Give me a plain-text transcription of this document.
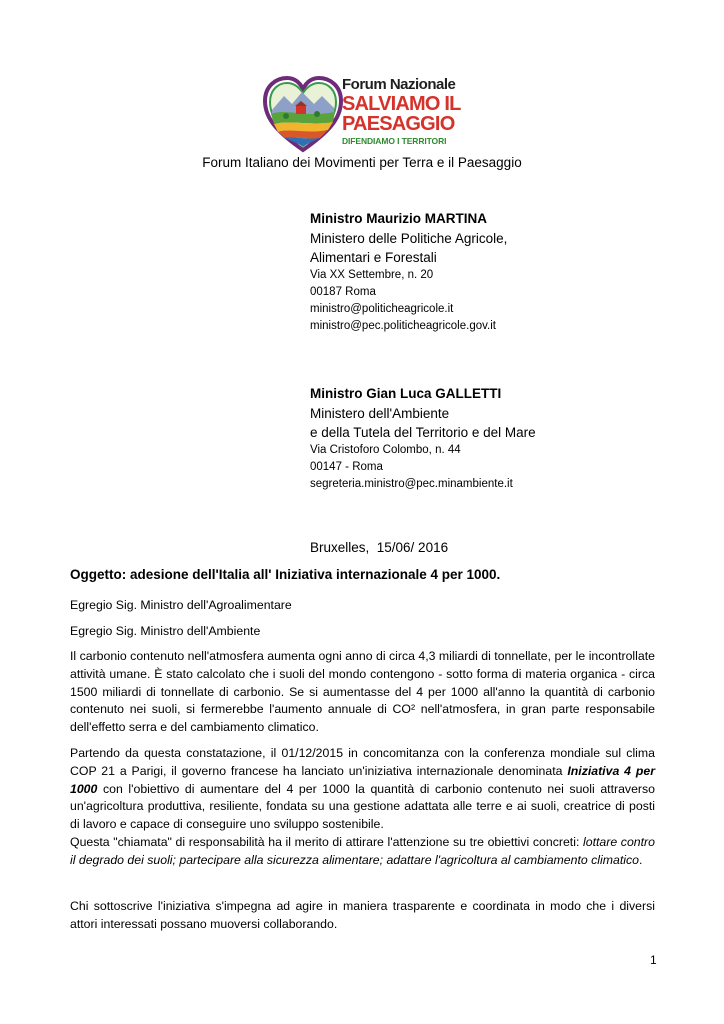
Forum Nazionale
SALVIAMO IL
PAESAGGIO
DIFENDIAMO I TERRITORI
Forum Italiano dei Movimenti per Terra e il Paesaggio
Ministro Maurizio MARTINA
Ministero delle Politiche Agricole,
Alimentari e Forestali
Via XX Settembre, n. 20
00187 Roma
ministro@politicheagricole.it
ministro@pec.politicheagricole.gov.it
Ministro Gian Luca GALLETTI
Ministero dell'Ambiente
e della Tutela del Territorio e del Mare
Via Cristoforo Colombo, n. 44
00147 - Roma
segreteria.ministro@pec.minambiente.it
Bruxelles,  15/06/ 2016
Oggetto: adesione dell'Italia all' Iniziativa internazionale 4 per 1000.
Egregio Sig. Ministro dell'Agroalimentare
Egregio Sig. Ministro dell'Ambiente
Il carbonio contenuto nell'atmosfera aumenta ogni anno di circa 4,3 miliardi di tonnellate, per le incontrollate attività umane. È stato calcolato che i suoli del mondo contengono - sotto forma di materia organica - circa 1500 miliardi di tonnellate di carbonio. Se si aumentasse del 4 per 1000 all'anno la quantità di carbonio contenuto nei suoli, si fermerebbe l'aumento annuale di CO² nell'atmosfera, in gran parte responsabile dell'effetto serra e del cambiamento climatico.
Partendo da questa constatazione, il 01/12/2015 in concomitanza con la conferenza mondiale sul clima COP 21 a Parigi, il governo francese ha lanciato un'iniziativa internazionale denominata Iniziativa 4 per 1000 con l'obiettivo di aumentare del 4 per 1000 la quantità di carbonio contenuto nei suoli attraverso un'agricoltura produttiva, resiliente, fondata su una gestione adattata alle terre e ai suoli, creatrice di posti di lavoro e capace di conseguire uno sviluppo sostenibile.
Questa "chiamata" di responsabilità ha il merito di attirare l'attenzione su tre obiettivi concreti: lottare contro il degrado dei suoli; partecipare alla sicurezza alimentare; adattare l'agricoltura al cambiamento climatico.
Chi sottoscrive l'iniziativa s'impegna ad agire in maniera trasparente e coordinata in modo che i diversi attori interessati possano muoversi collaborando.
1
